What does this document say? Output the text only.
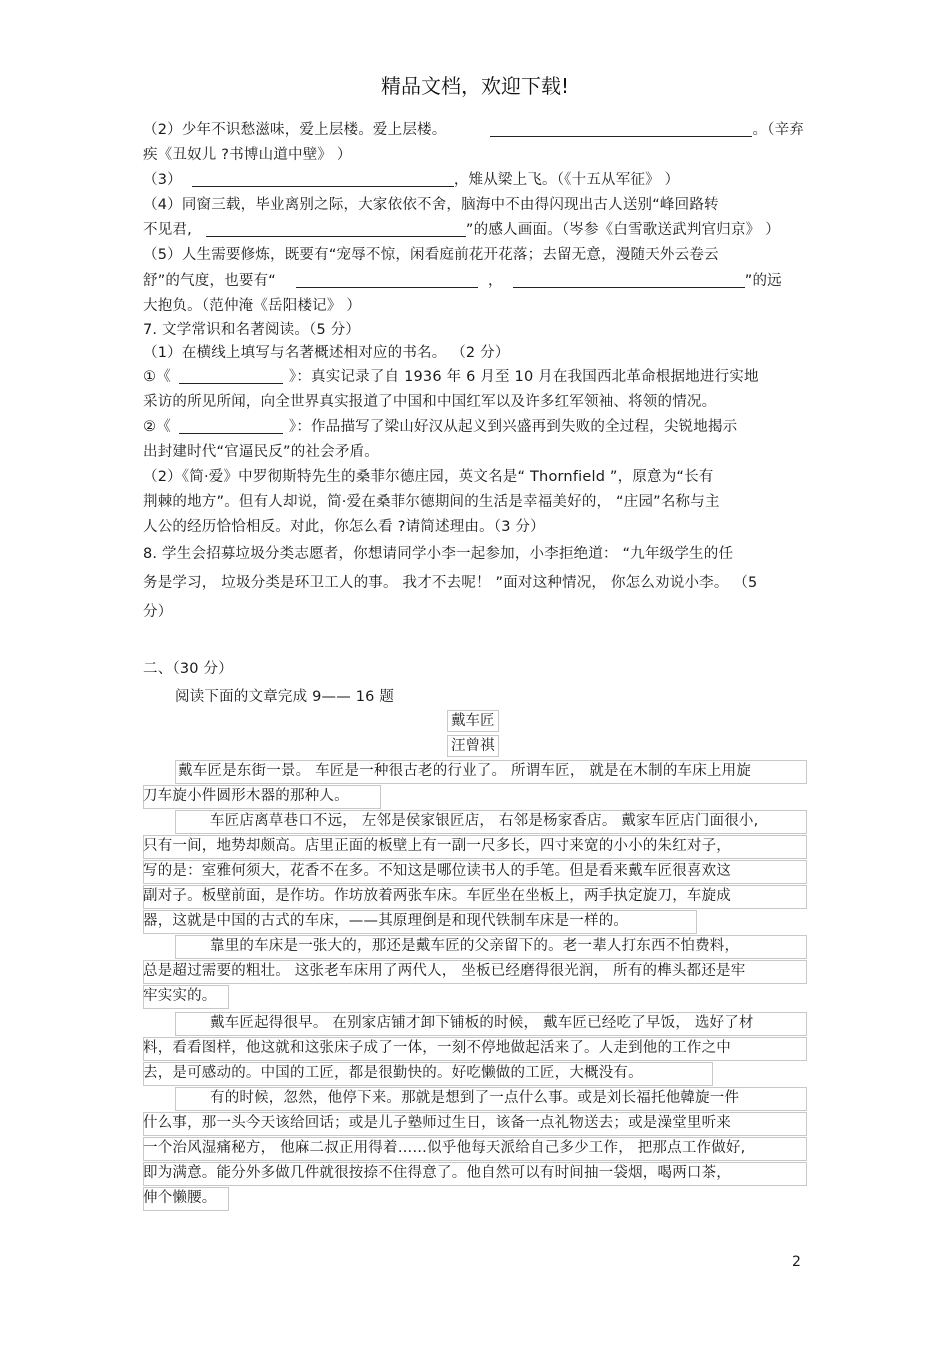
精品文档，欢迎下载!
（2）少年不识愁滋味，爱上层楼。爱上层楼。	。（辛弃
疾《丑奴儿 ?书博山道中壁》 ）
（3）	，雉从梁上飞。（《十五从军征》 ）
（4）同窗三载，毕业离别之际，大家依依不舍，脑海中不由得闪现出古人送别“峰回路转
不见君,	”的感人画面。（岑参《白雪歌送武判官归京》 ）
（5）人生需要修炼，既要有“宠辱不惊，闲看庭前花开花落；去留无意，漫随天外云卷云
舒”的气度，也要有“	，	”的远
大抱负。（范仲淹《岳阳楼记》 ）
7. 文学常识和名著阅读。（5 分）
（1）在横线上填写与名著概述相对应的书名。 （2 分）
①《	》：真实记录了自 1936 年 6 月至 10 月在我国西北革命根据地进行实地
采访的所见所闻，向全世界真实报道了中国和中国红军以及许多红军领袖、将领的情况。
②《	》：作品描写了梁山好汉从起义到兴盛再到失败的全过程，尖锐地揭示
出封建时代“官逼民反”的社会矛盾。
（2）《简·爱》中罗彻斯特先生的桑菲尔德庄园，英文名是“ Thornfield ”，原意为“长有
荆棘的地方”。但有人却说，简·爱在桑菲尔德期间的生活是幸福美好的， “庄园”名称与主
人公的经历恰恰相反。对此，你怎么看 ?请简述理由。（3 分）
8. 学生会招募垃圾分类志愿者，你想请同学小李一起参加，小李拒绝道： “九年级学生的任
务是学习， 垃圾分类是环卫工人的事。 我才不去呢！ ”面对这种情况， 你怎么劝说小李。 （5
分）
二、（30 分）
阅读下面的文章完成 9—— 16 题
戴车匠
汪曾祺
戴车匠是东街一景。 车匠是一种很古老的行业了。 所谓车匠， 就是在木制的车床上用旋
刀车旋小件圆形木器的那种人。
车匠店离草巷口不远， 左邻是侯家银匠店， 右邻是杨家香店。 戴家车匠店门面很小,
只有一间，地势却颇高。店里正面的板壁上有一副一尺多长，四寸来宽的小小的朱红对子，
写的是：室雅何须大，花香不在多。不知这是哪位读书人的手笔。但是看来戴车匠很喜欢这
副对子。板壁前面，是作坊。作坊放着两张车床。车匠坐在坐板上，两手执定旋刀，车旋成
器，这就是中国的古式的车床，——其原理倒是和现代铁制车床是一样的。
靠里的车床是一张大的，那还是戴车匠的父亲留下的。老一辈人打东西不怕费料，
总是超过需要的粗壮。 这张老车床用了两代人， 坐板已经磨得很光润， 所有的榫头都还是牢
牢实实的。
戴车匠起得很早。 在别家店铺才卸下铺板的时候， 戴车匠已经吃了早饭， 选好了材
料，看看图样，他这就和这张床子成了一体，一刻不停地做起活来了。人走到他的工作之中
去，是可感动的。中国的工匠，都是很勤快的。好吃懒做的工匠，大概没有。
有的时候，忽然，他停下来。那就是想到了一点什么事。或是刘长福托他韓旋一件
什么事，那一头今天该给回话；或是儿子塾师过生日，该备一点礼物送去；或是澡堂里听来
一个治风湿痛秘方， 他麻二叔正用得着……似乎他每天派给自己多少工作， 把那点工作做好,
即为满意。能分外多做几件就很按捺不住得意了。他自然可以有时间抽一袋烟，喝两口茶，
伸个懒腰。
2
